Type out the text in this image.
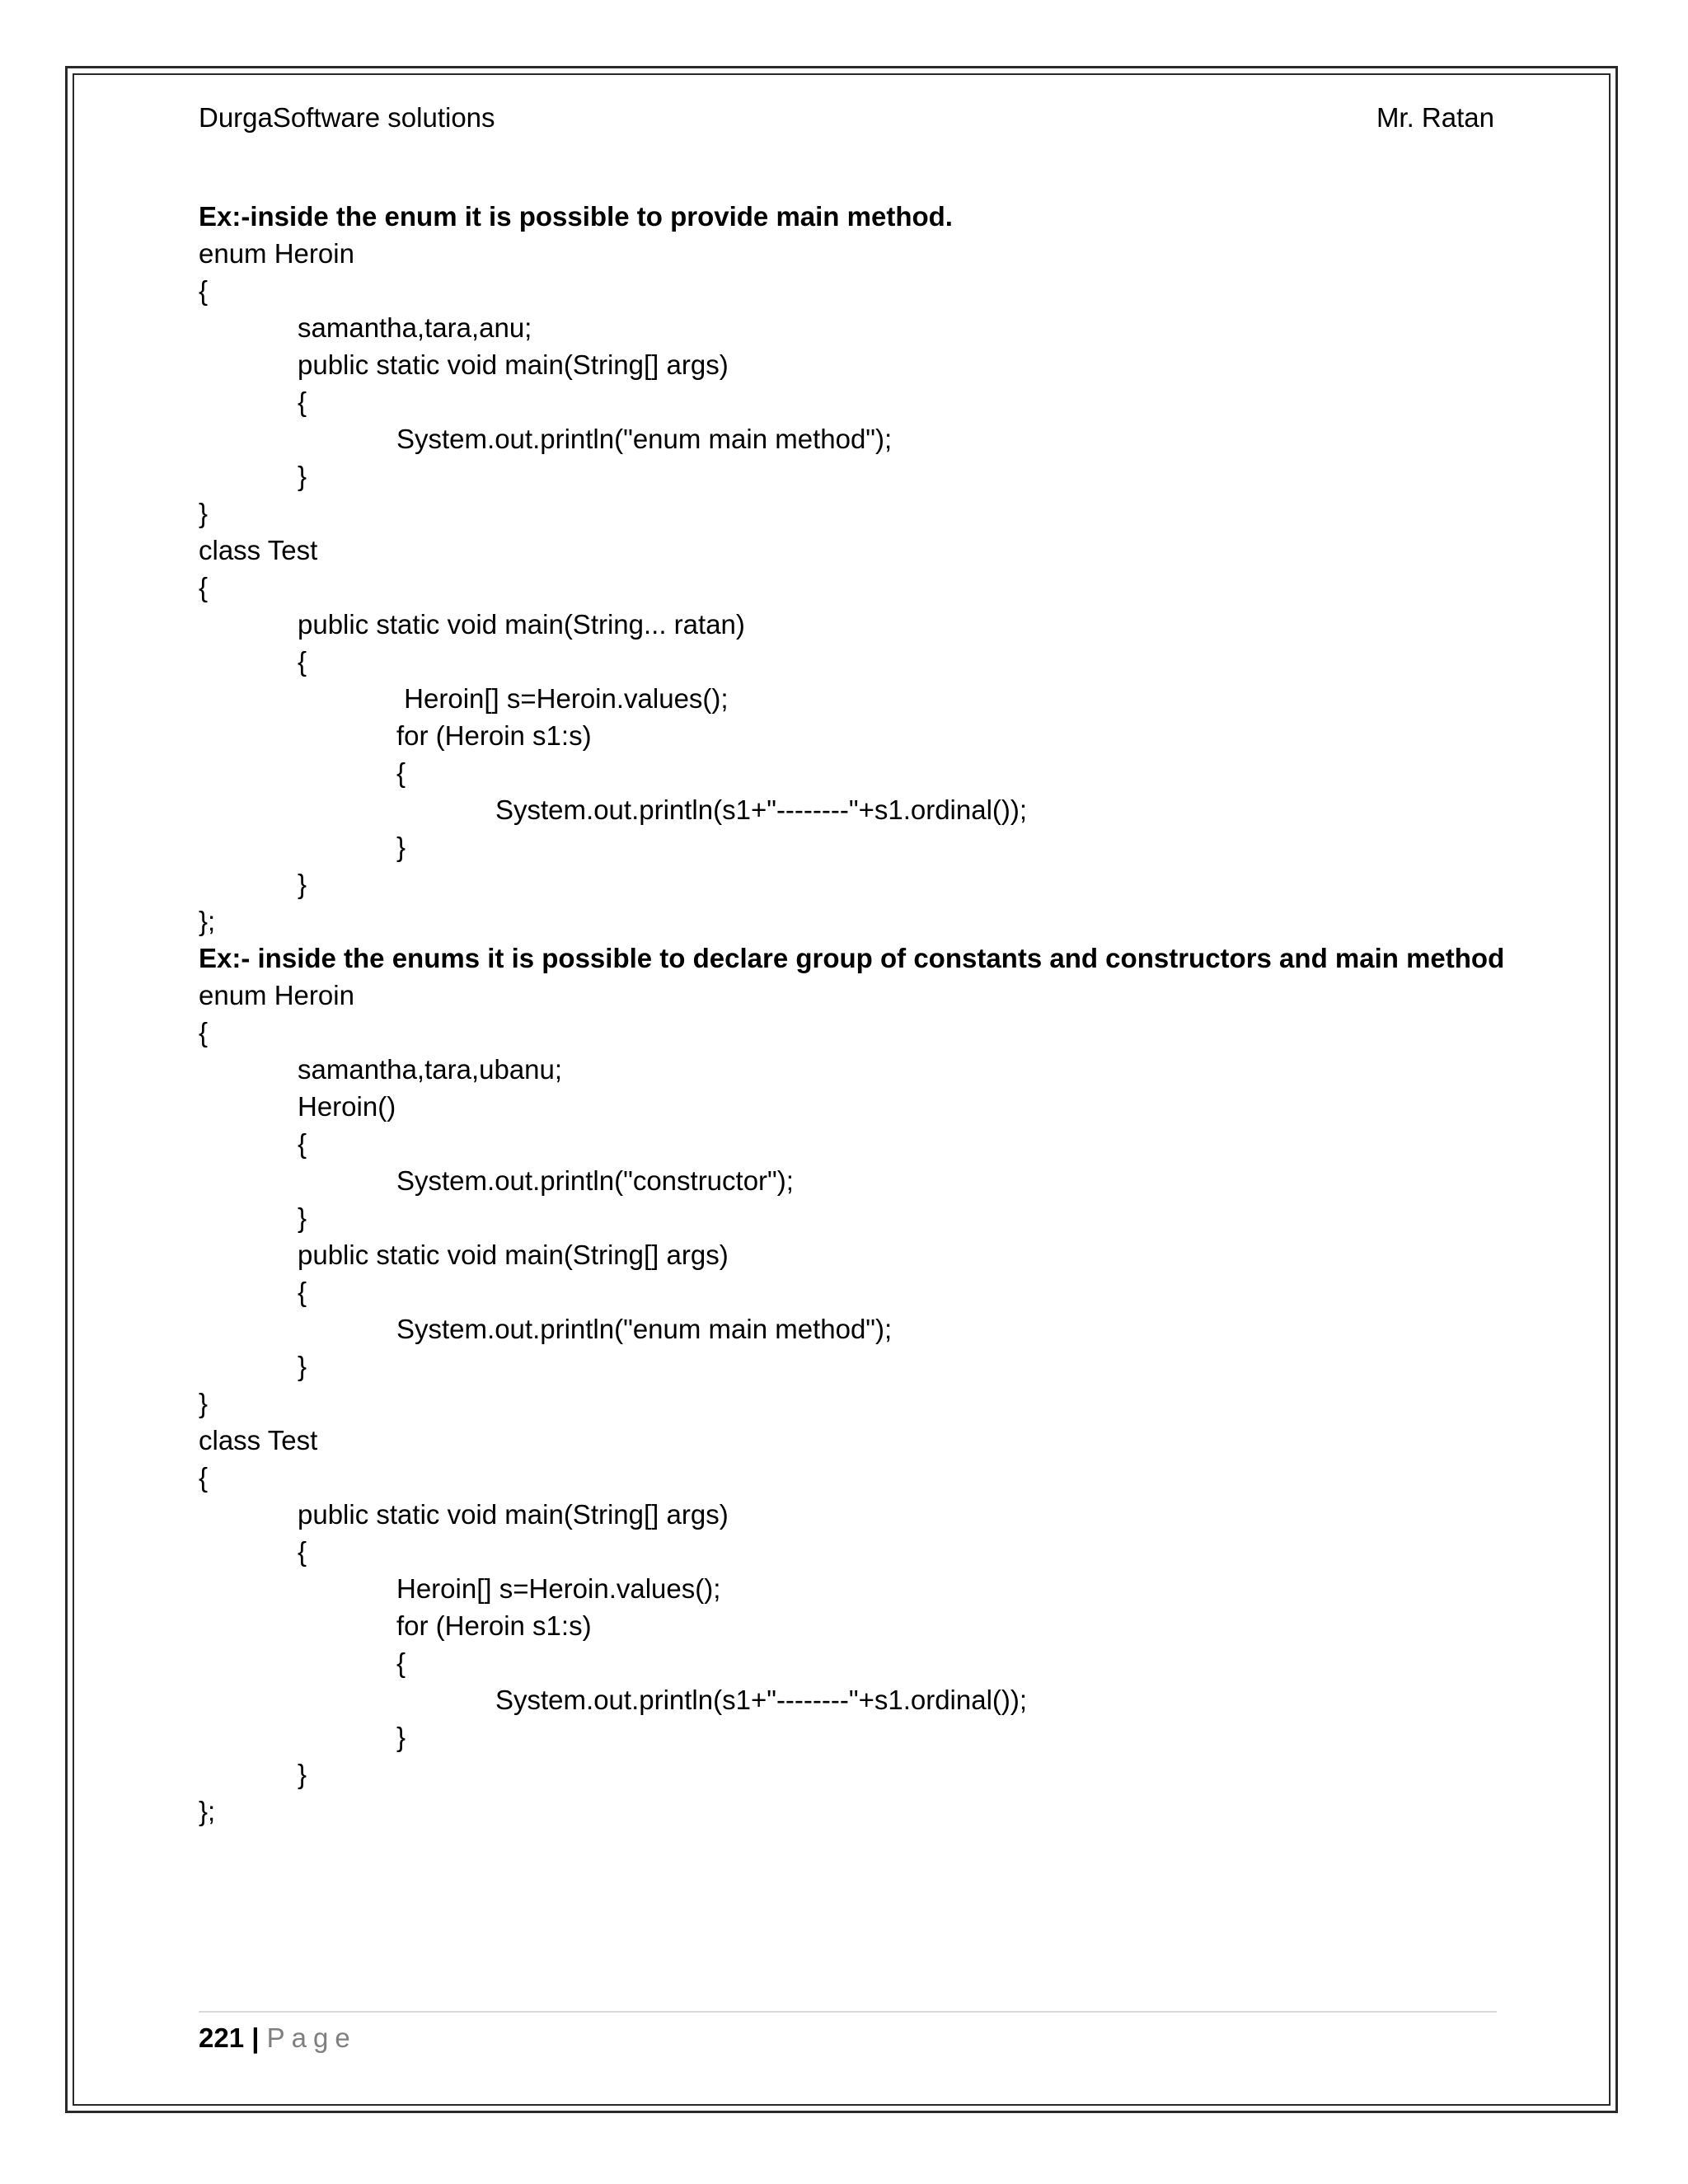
DurgaSoftware solutions	Mr. Ratan
Ex:-inside the enum it is possible to provide main method.
enum Heroin
{
samantha,tara,anu;
public static void main(String[] args)
{
System.out.println("enum main method");
}
}
class Test
{
public static void main(String... ratan)
{
Heroin[] s=Heroin.values();
for (Heroin s1:s)
{
System.out.println(s1+"--------"+s1.ordinal());
}
}
};
Ex:- inside the enums it is possible to declare group of constants and constructors and main method
enum Heroin
{
samantha,tara,ubanu;
Heroin()
{
System.out.println("constructor");
}
public static void main(String[] args)
{
System.out.println("enum main method");
}
}
class Test
{
public static void main(String[] args)
{
Heroin[] s=Heroin.values();
for (Heroin s1:s)
{
System.out.println(s1+"--------"+s1.ordinal());
}
}
};
221 | Page
